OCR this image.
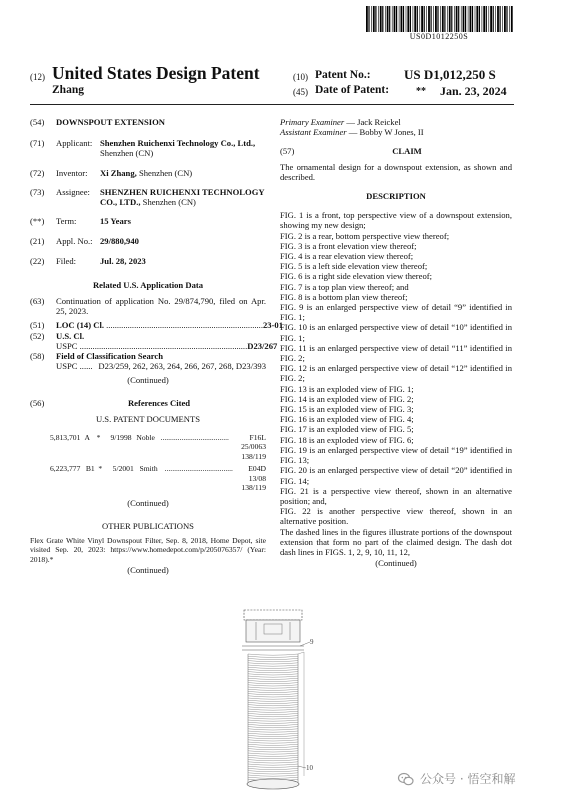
US0D1012250S
(12) United States Design Patent	(10) Patent No.:	US D1,012,250 S
Zhang	(45) Date of Patent:	** Jan. 23, 2024
(54)	DOWNSPOUT EXTENSION
(71)	Applicant: Shenzhen Ruichenxi Technology Co., Ltd., Shenzhen (CN)
(72)	Inventor:	Xi Zhang, Shenzhen (CN)
(73)	Assignee:	SHENZHEN RUICHENXI TECHNOLOGY CO., LTD., Shenzhen (CN)
(**)	Term:	15 Years
(21)	Appl. No.: 29/880,940
(22)	Filed:	Jul. 28, 2023
Related U.S. Application Data
(63)	Continuation of application No. 29/874,790, filed on Apr. 25, 2023.
(51)	LOC (14) Cl. ......................................................................... 23-01
(52)	U.S. Cl.
USPC .............................................................................. D23/267
(58)	Field of Classification Search
USPC ...... D23/259, 262, 263, 264, 266, 267, 268, D23/393
(Continued)
(56)	References Cited
U.S. PATENT DOCUMENTS
5,813,701 A *	9/1998 Noble ....................................	F16L 25/0063
138/119
6,223,777 B1 *	5/2001 Smith ....................................	E04D 13/08
138/119
(Continued)
OTHER PUBLICATIONS
Flex Grate White Vinyl Downspout Filter, Sep. 8, 2018, Home Depot, site visited Sep. 20, 2023: https://www.homedepot.com/p/205076357/ (Year: 2018).*
(Continued)
Primary Examiner — Jack Reickel
Assistant Examiner — Bobby W Jones, II
(57)	CLAIM
The ornamental design for a downspout extension, as shown and described.
DESCRIPTION

FIG. 1 is a front, top perspective view of a downspout extension, showing my new design;

FIG. 2 is a rear, bottom perspective view thereof;

FIG. 3 is a front elevation view thereof;

FIG. 4 is a rear elevation view thereof;

FIG. 5 is a left side elevation view thereof;

FIG. 6 is a right side elevation view thereof;

FIG. 7 is a top plan view thereof; and

FIG. 8 is a bottom plan view thereof;

FIG. 9 is an enlarged perspective view of detail “9” identified in FIG. 1;

FIG. 10 is an enlarged perspective view of detail “10” identified in FIG. 1;

FIG. 11 is an enlarged perspective view of detail “11” identified in FIG. 2;

FIG. 12 is an enlarged perspective view of detail “12” identified in FIG. 2;

FIG. 13 is an exploded view of FIG. 1;

FIG. 14 is an exploded view of FIG. 2;

FIG. 15 is an exploded view of FIG. 3;

FIG. 16 is an exploded view of FIG. 4;

FIG. 17 is an exploded view of FIG. 5;

FIG. 18 is an exploded view of FIG. 6;

FIG. 19 is an enlarged perspective view of detail “19” identified in FIG. 13;

FIG. 20 is an enlarged perspective view of detail “20” identified in FIG. 14;

FIG. 21 is a perspective view thereof, shown in an alternative position; and,

FIG. 22 is another perspective view thereof, shown in an alternative position.

The dashed lines in the figures illustrate portions of the downspout extension that form no part of the claimed design. The dash dot dash lines in FIGS. 1, 2, 9, 10, 11, 12,

(Continued)
9
10
公众号 · 悟空和解
